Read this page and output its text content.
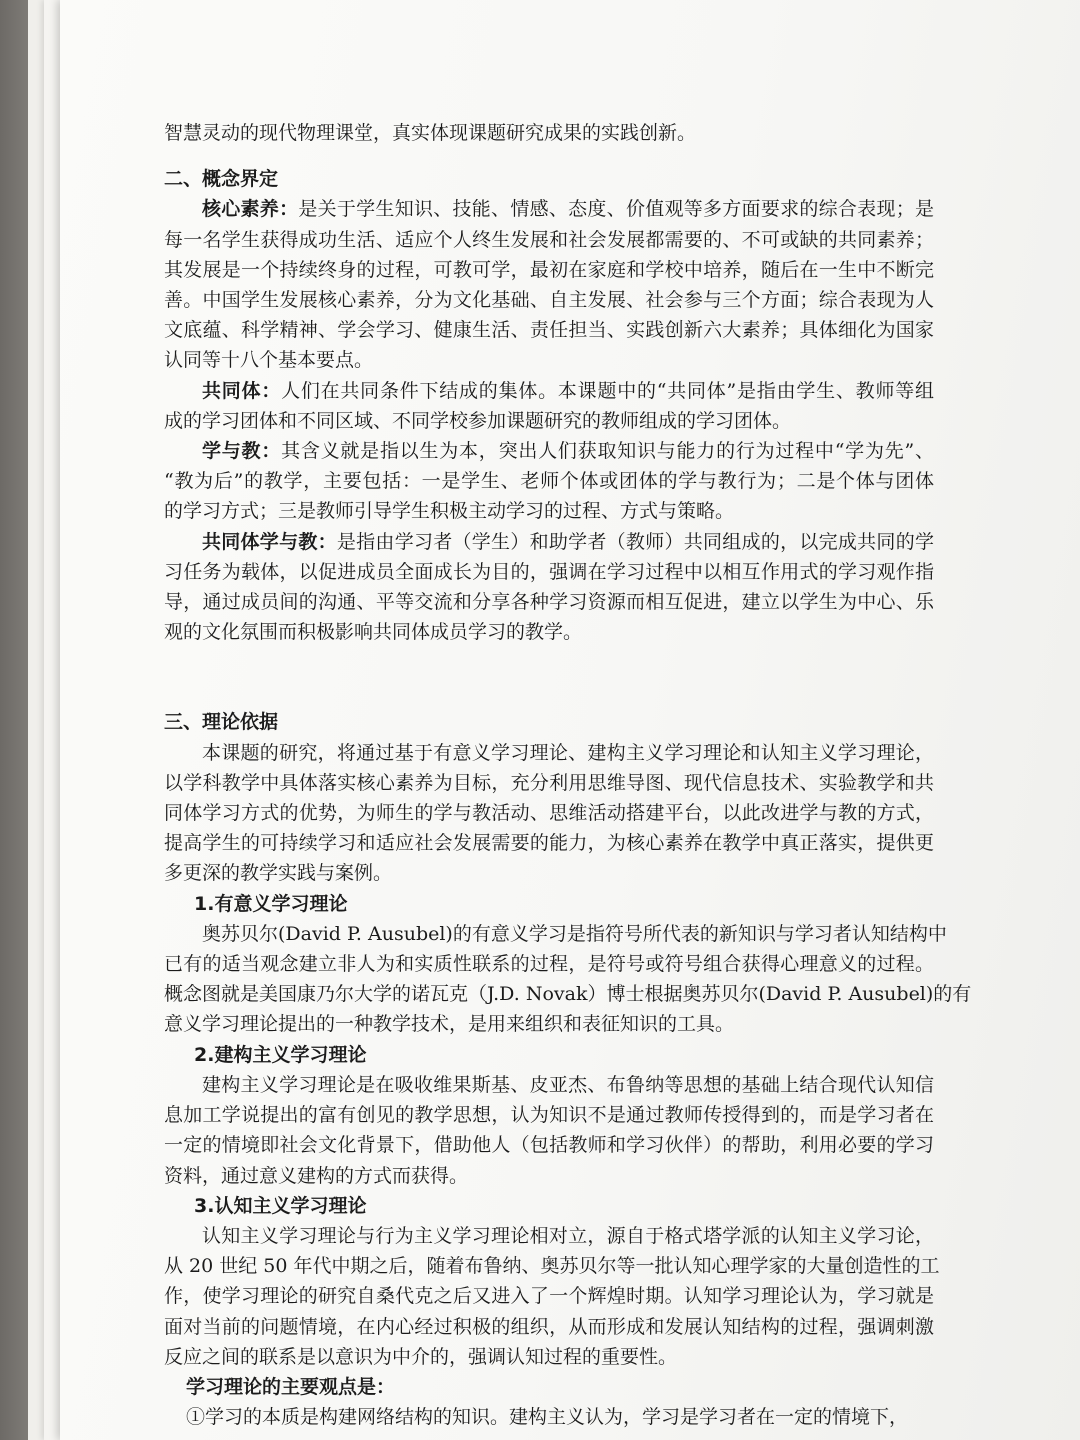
智慧灵动的现代物理课堂，真实体现课题研究成果的实践创新。

二、概念界定

核心素养：是关于学生知识、技能、情感、态度、价值观等多方面要求的综合表现；是

每一名学生获得成功生活、适应个人终生发展和社会发展都需要的、不可或缺的共同素养；

其发展是一个持续终身的过程，可教可学，最初在家庭和学校中培养，随后在一生中不断完

善。中国学生发展核心素养，分为文化基础、自主发展、社会参与三个方面；综合表现为人

文底蕴、科学精神、学会学习、健康生活、责任担当、实践创新六大素养；具体细化为国家

认同等十八个基本要点。

共同体：人们在共同条件下结成的集体。本课题中的“共同体”是指由学生、教师等组

成的学习团体和不同区域、不同学校参加课题研究的教师组成的学习团体。

学与教：其含义就是指以生为本，突出人们获取知识与能力的行为过程中“学为先”、

“教为后”的教学，主要包括：一是学生、老师个体或团体的学与教行为；二是个体与团体

的学习方式；三是教师引导学生积极主动学习的过程、方式与策略。

共同体学与教：是指由学习者（学生）和助学者（教师）共同组成的，以完成共同的学

习任务为载体，以促进成员全面成长为目的，强调在学习过程中以相互作用式的学习观作指

导，通过成员间的沟通、平等交流和分享各种学习资源而相互促进，建立以学生为中心、乐

观的文化氛围而积极影响共同体成员学习的教学。

三、理论依据

本课题的研究，将通过基于有意义学习理论、建构主义学习理论和认知主义学习理论，

以学科教学中具体落实核心素养为目标，充分利用思维导图、现代信息技术、实验教学和共

同体学习方式的优势，为师生的学与教活动、思维活动搭建平台，以此改进学与教的方式，

提高学生的可持续学习和适应社会发展需要的能力，为核心素养在教学中真正落实，提供更

多更深的教学实践与案例。

1.有意义学习理论

奥苏贝尔(David P. Ausubel)的有意义学习是指符号所代表的新知识与学习者认知结构中

已有的适当观念建立非人为和实质性联系的过程，是符号或符号组合获得心理意义的过程。

概念图就是美国康乃尔大学的诺瓦克（J.D. Novak）博士根据奥苏贝尔(David P. Ausubel)的有

意义学习理论提出的一种教学技术，是用来组织和表征知识的工具。

2.建构主义学习理论

建构主义学习理论是在吸收维果斯基、皮亚杰、布鲁纳等思想的基础上结合现代认知信

息加工学说提出的富有创见的教学思想，认为知识不是通过教师传授得到的，而是学习者在

一定的情境即社会文化背景下，借助他人（包括教师和学习伙伴）的帮助，利用必要的学习

资料，通过意义建构的方式而获得。

3.认知主义学习理论

认知主义学习理论与行为主义学习理论相对立，源自于格式塔学派的认知主义学习论，

从 20 世纪 50 年代中期之后，随着布鲁纳、奥苏贝尔等一批认知心理学家的大量创造性的工

作，使学习理论的研究自桑代克之后又进入了一个辉煌时期。认知学习理论认为，学习就是

面对当前的问题情境，在内心经过积极的组织，从而形成和发展认知结构的过程，强调刺激

反应之间的联系是以意识为中介的，强调认知过程的重要性。

学习理论的主要观点是：

①学习的本质是构建网络结构的知识。建构主义认为，学习是学习者在一定的情境下，
